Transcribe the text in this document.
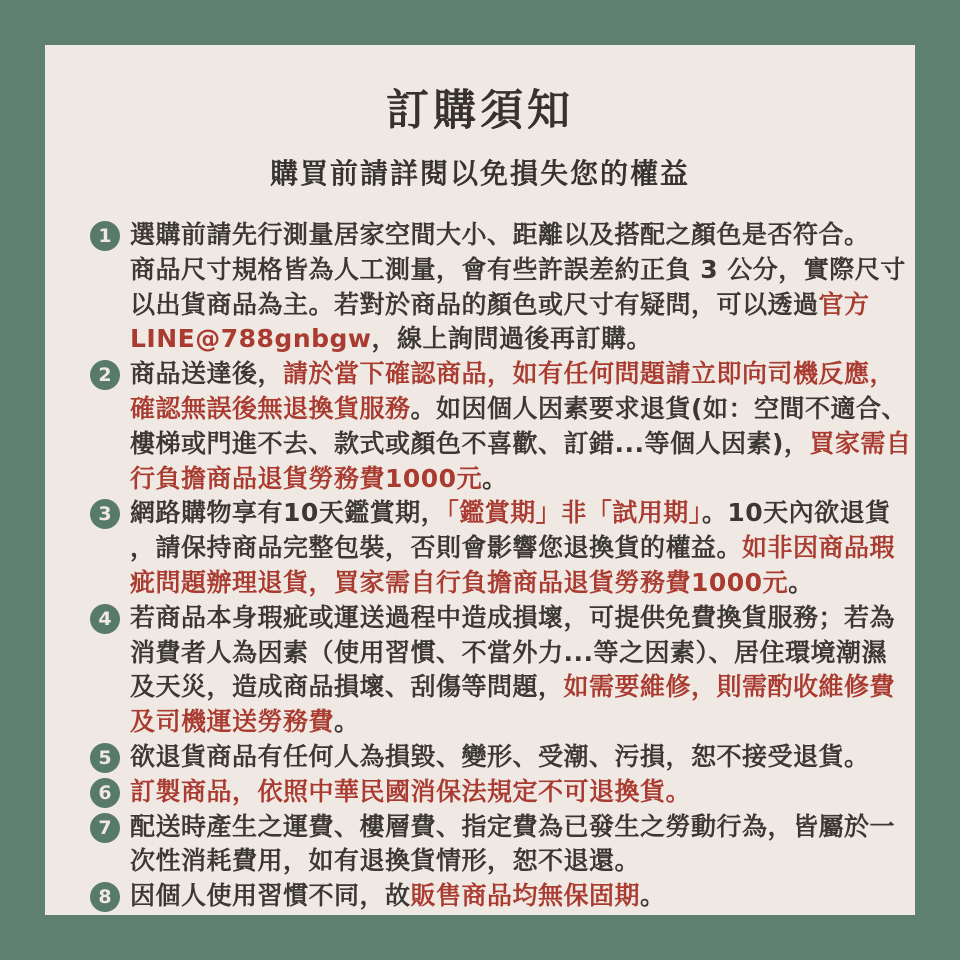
訂購須知
購買前請詳閱以免損失您的權益
1 選購前請先行測量居家空間大小、距離以及搭配之顏色是否符合。
商品尺寸規格皆為人工測量，會有些許誤差約正負 3 公分，實際尺寸
以出貨商品為主。若對於商品的顏色或尺寸有疑問，可以透過官方
LINE@788gnbgw，線上詢問過後再訂購。
2 商品送達後，請於當下確認商品，如有任何問題請立即向司機反應，
確認無誤後無退換貨服務。如因個人因素要求退貨(如：空間不適合、
樓梯或門進不去、款式或顏色不喜歡、訂錯...等個人因素)，買家需自
行負擔商品退貨勞務費1000元。
3 網路購物享有10天鑑賞期，「鑑賞期」非「試用期」。10天內欲退貨
，請保持商品完整包裝，否則會影響您退換貨的權益。如非因商品瑕
疵問題辦理退貨，買家需自行負擔商品退貨勞務費1000元。
4 若商品本身瑕疵或運送過程中造成損壞，可提供免費換貨服務；若為
消費者人為因素（使用習慣、不當外力...等之因素）、居住環境潮濕
及天災，造成商品損壞、刮傷等問題，如需要維修，則需酌收維修費
及司機運送勞務費。
5 欲退貨商品有任何人為損毀、變形、受潮、污損，恕不接受退貨。
6 訂製商品，依照中華民國消保法規定不可退換貨。
7 配送時產生之運費、樓層費、指定費為已發生之勞動行為，皆屬於一
次性消耗費用，如有退換貨情形，恕不退還。
8 因個人使用習慣不同，故販售商品均無保固期。
